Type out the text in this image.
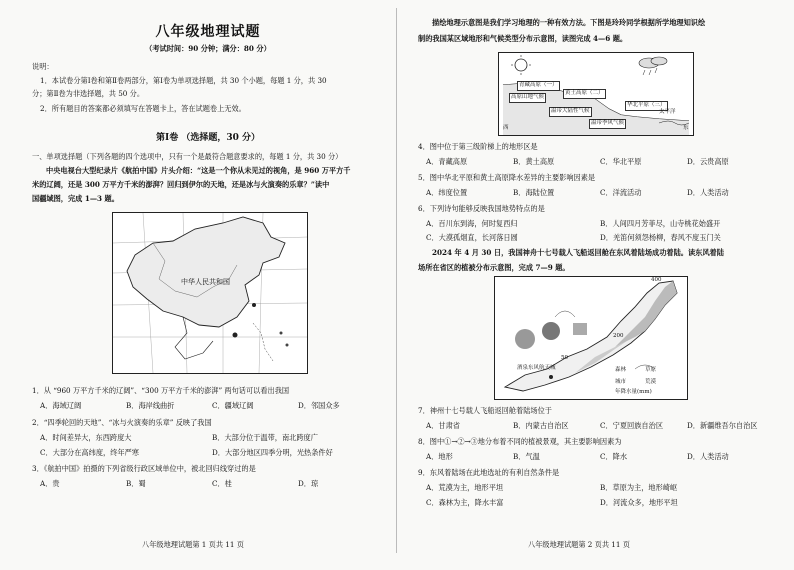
八年级地理试题
（考试时间：90 分钟；满分：80 分）
说明：
1．本试卷分第Ⅰ卷和第Ⅱ卷两部分，第Ⅰ卷为单项选择题，共 30 个小题，每题 1 分，共 30
分；第Ⅱ卷为非选择题，共 50 分。
2．所有题目的答案都必须填写在答题卡上，答在试题卷上无效。
第Ⅰ卷 （选择题，30 分）
一、单项选择题（下列各题的四个选项中，只有一个是最符合题意要求的，每题 1 分，共 30 分）
中央电视台大型纪录片《航拍中国》片头介绍：“这是一个你从未见过的视角，是 960 万平方千
米的辽阔，还是 300 万平方千米的澎湃？回归到伊尔的天地，还是冰与火演奏的乐章？”读中
国疆域图，完成 1—3 题。
中华人民共和国
1．从 “960 万平方千米的辽阔”、“300 万平方千米的澎湃” 两句话可以看出我国
A．海域辽阔	B．海岸线曲折	C．疆域辽阔	D．邻国众多
2．“四季轮回的天地”、“冰与火演奏的乐章” 反映了我国
A．时间差异大，东西跨度大	B．大部分位于温带，南北跨度广
C．大部分在高纬度，终年严寒	D．大部分地区四季分明，光热条件好
3．《航拍中国》拍摄的下列省级行政区域单位中，被北回归线穿过的是
A．贵	B．蜀	C．桂	D．琼
八年级地理试题第 1 页共 11 页
描绘地理示意图是我们学习地理的一种有效方法。下图是玲玲同学根据所学地理知识绘
制的我国某区域地形和气候类型分布示意图，读图完成 4—6 题。
青藏高原（一）
黄土高原（二）
高原山地气候
温带大陆性气候
华北平原（三）
温带季风气候
太平洋
西	东
4．图中位于第三级阶梯上的地形区是
A．青藏高原	B．黄土高原	C．华北平原	D．云贵高原
5．图中华北平原和黄土高原降水差异的主要影响因素是
A．纬度位置	B．海陆位置	C．洋流活动	D．人类活动
6．下列诗句能够反映我国地势特点的是
A．百川东到海，何时复西归	B．人间四月芳菲尽，山寺桃花始盛开
C．大漠孤烟直，长河落日圆	D．羌笛何须怨杨柳，春风不度玉门关
2024 年 4 月 30 日，我国神舟十七号载人飞船返回舱在东风着陆场成功着陆。读东风着陆
场所在省区的植被分布示意图，完成 7—9 题。
400
200
50
酒泉东风航天城	森林	草原
荒漠
城市
年降水量(mm)
7．神州十七号载人飞船返回舱着陆场位于
A．甘肃省	B．内蒙古自治区	C．宁夏回族自治区	D．新疆维吾尔自治区
8．图中①→②→③地分布着不同的植被景观，其主要影响因素为
A．地形	B．气温	C．降水	D．人类活动
9．东风着陆场在此地选址的有利自然条件是
A．荒漠为主，地形平坦	B．草原为主，地形崎岖
C．森林为主，降水丰富	D．河流众多，地形平坦
八年级地理试题第 2 页共 11 页
